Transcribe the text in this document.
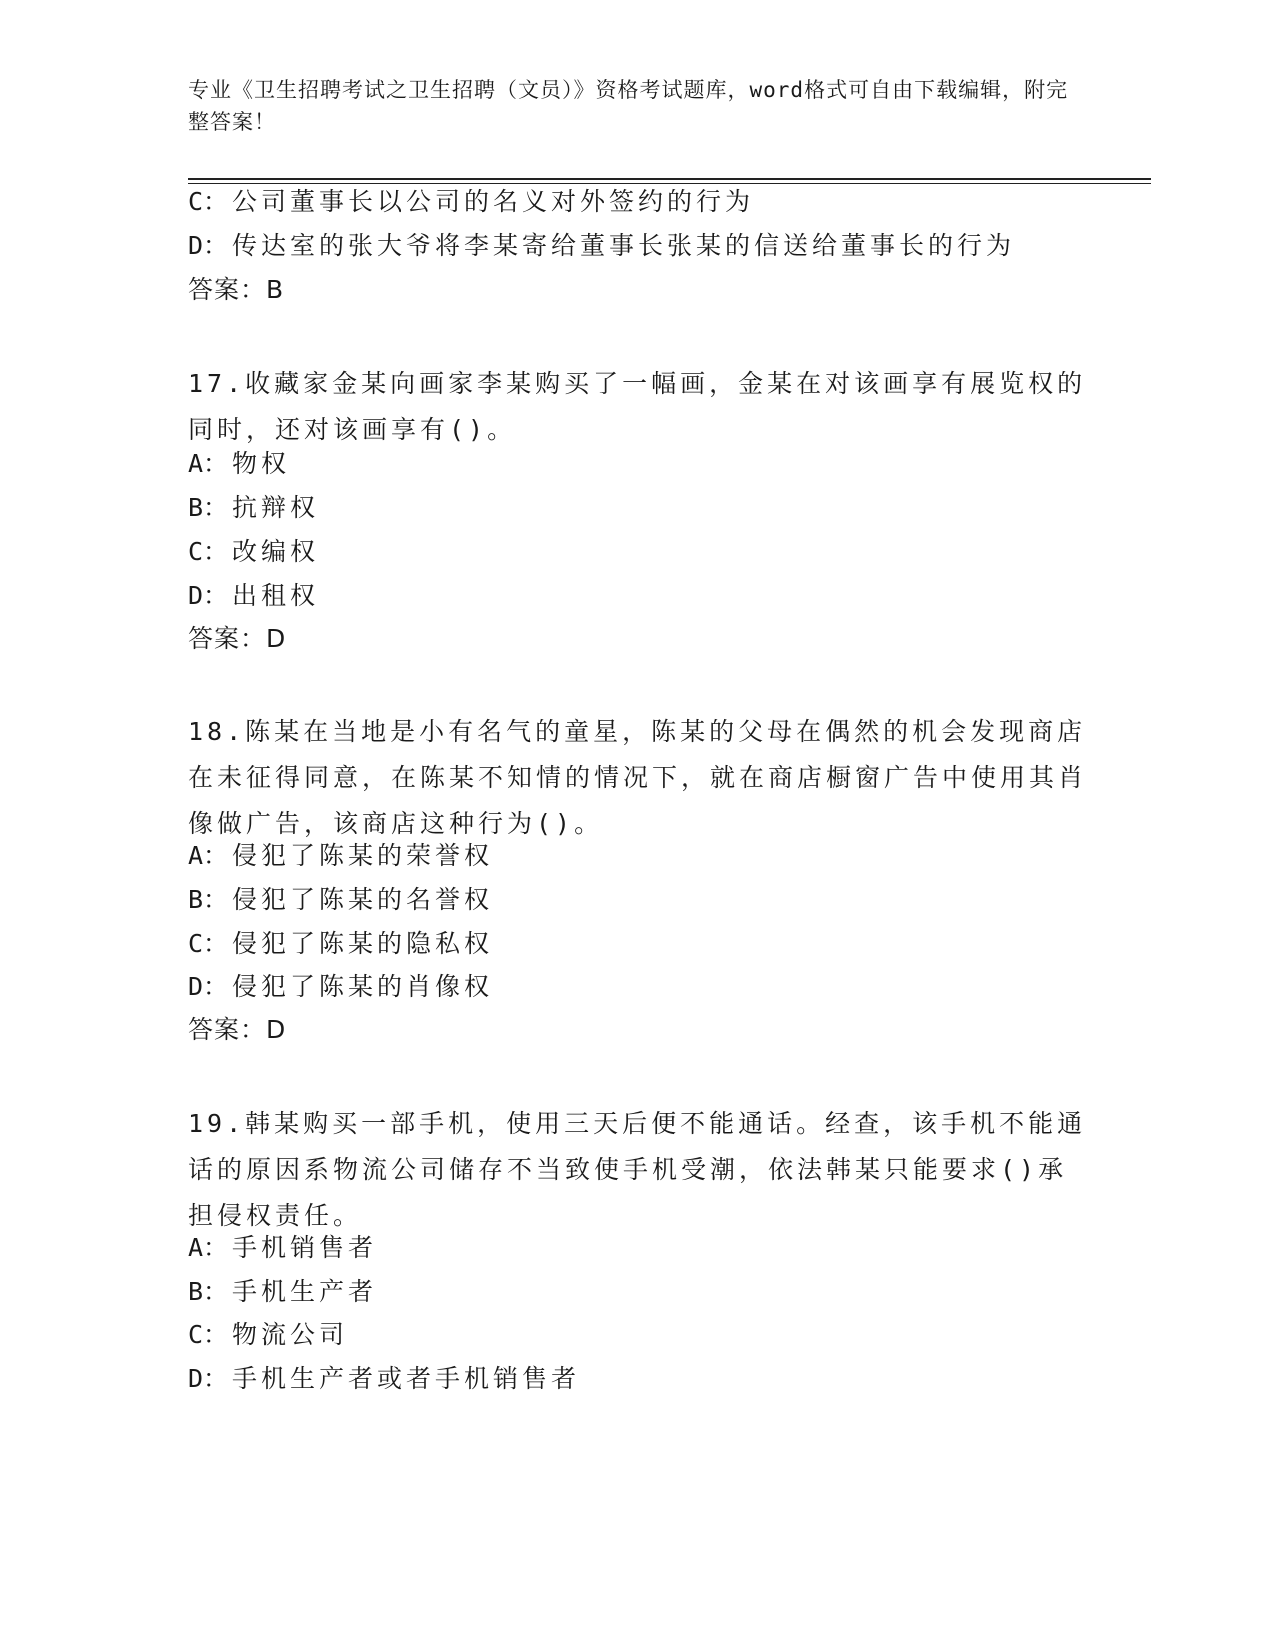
专业《卫生招聘考试之卫生招聘（文员）》资格考试题库，word格式可自由下载编辑，附完整答案！
C： 公司董事长以公司的名义对外签约的行为
D： 传达室的张大爷将李某寄给董事长张某的信送给董事长的行为
答案：B
17.收藏家金某向画家李某购买了一幅画，金某在对该画享有展览权的同时，还对该画享有()。
A： 物权
B： 抗辩权
C： 改编权
D： 出租权
答案：D
18.陈某在当地是小有名气的童星，陈某的父母在偶然的机会发现商店在未征得同意，在陈某不知情的情况下，就在商店橱窗广告中使用其肖像做广告，该商店这种行为()。
A： 侵犯了陈某的荣誉权
B： 侵犯了陈某的名誉权
C： 侵犯了陈某的隐私权
D： 侵犯了陈某的肖像权
答案：D
19.韩某购买一部手机，使用三天后便不能通话。经查，该手机不能通话的原因系物流公司储存不当致使手机受潮，依法韩某只能要求()承担侵权责任。
A： 手机销售者
B： 手机生产者
C： 物流公司
D： 手机生产者或者手机销售者
